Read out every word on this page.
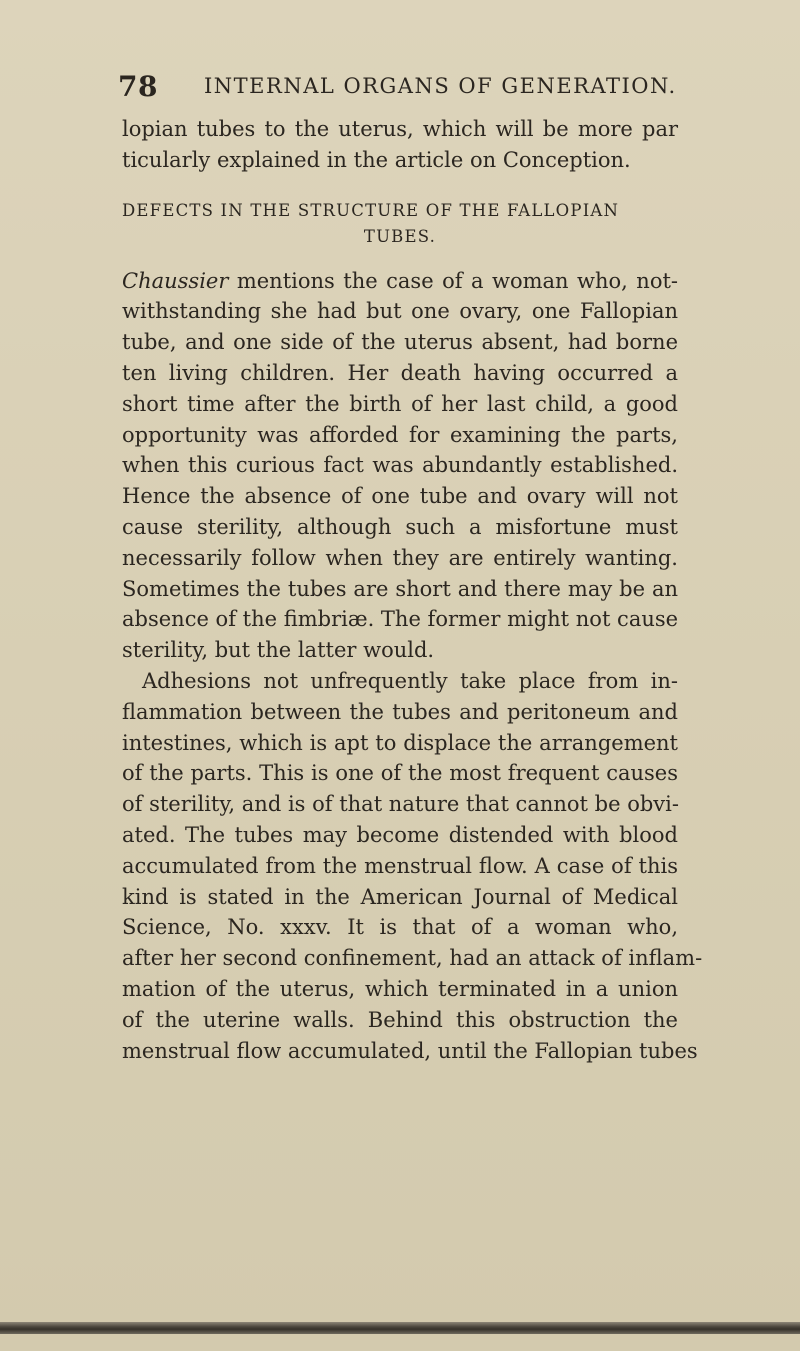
78 INTERNAL ORGANS OF GENERATION.
lopian tubes to the uterus, which will be more par
ticularly explained in the article on Conception.
DEFECTS IN THE STRUCTURE OF THE FALLOPIAN
TUBES.
Chaussier mentions the case of a woman who, not-
withstanding she had but one ovary, one Fallopian
tube, and one side of the uterus absent, had borne
ten living children. Her death having occurred a
short time after the birth of her last child, a good
opportunity was afforded for examining the parts,
when this curious fact was abundantly established.
Hence the absence of one tube and ovary will not
cause sterility, although such a misfortune must
necessarily follow when they are entirely wanting.
Sometimes the tubes are short and there may be an
absence of the fimbriæ. The former might not cause
sterility, but the latter would.
Adhesions not unfrequently take place from in-
flammation between the tubes and peritoneum and
intestines, which is apt to displace the arrangement
of the parts. This is one of the most frequent causes
of sterility, and is of that nature that cannot be obvi-
ated. The tubes may become distended with blood
accumulated from the menstrual flow. A case of this
kind is stated in the American Journal of Medical
Science, No. xxxv. It is that of a woman who,
after her second confinement, had an attack of inflam-
mation of the uterus, which terminated in a union
of the uterine walls. Behind this obstruction the
menstrual flow accumulated, until the Fallopian tubes
